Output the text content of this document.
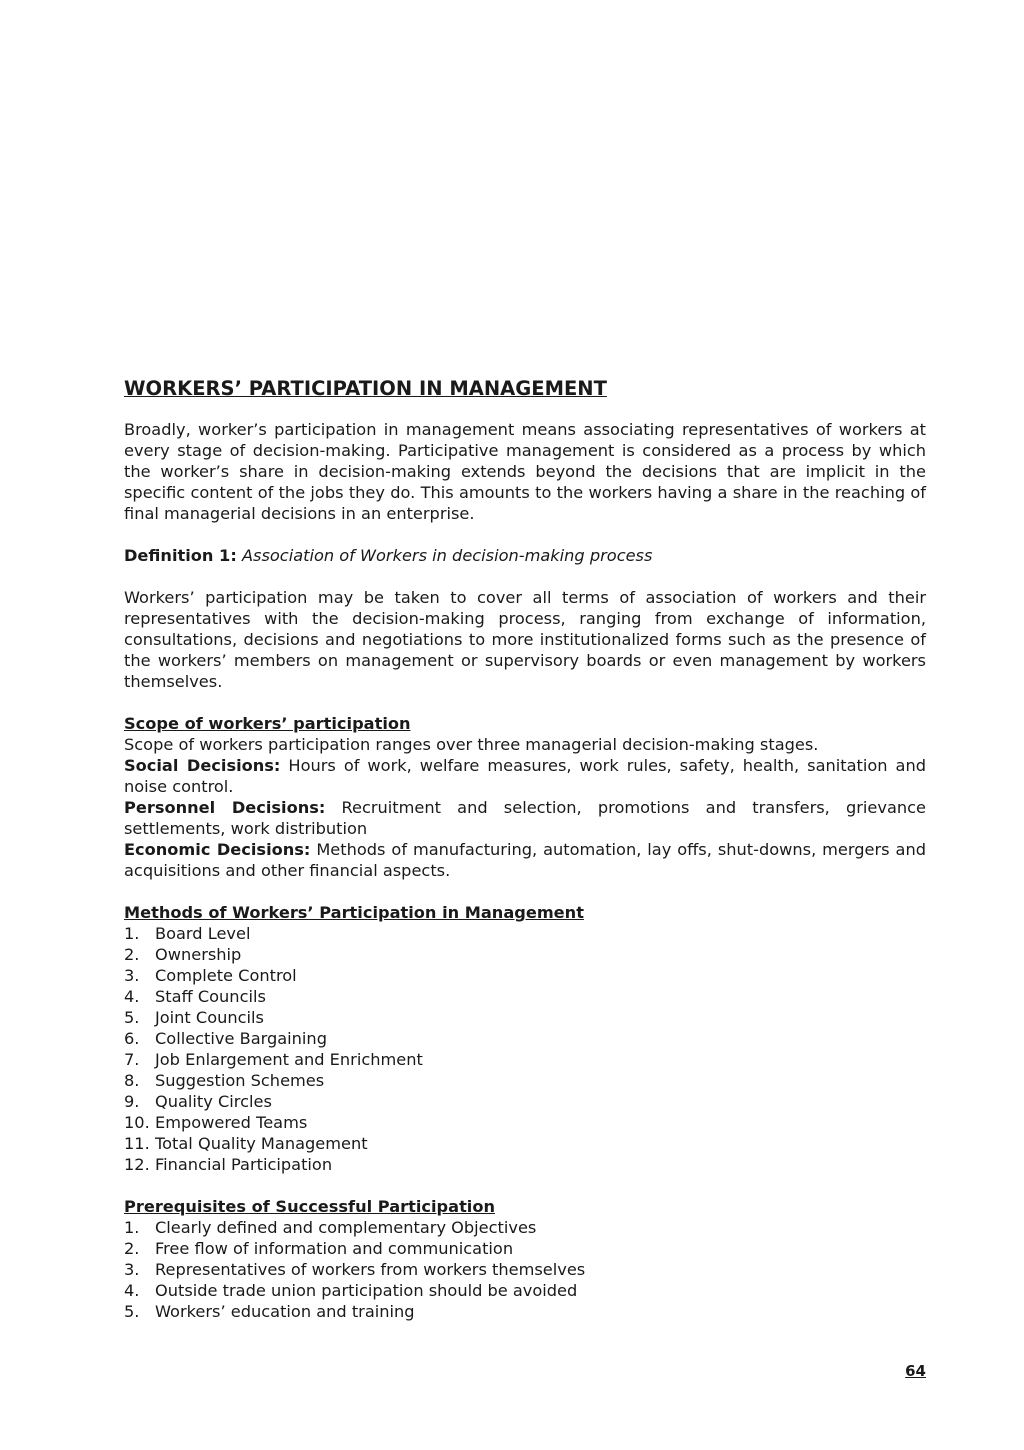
WORKERS’ PARTICIPATION IN MANAGEMENT

Broadly, worker’s participation in management means associating representatives of workers at every stage of decision-making. Participative management is considered as a process by which the worker’s share in decision-making extends beyond the decisions that are implicit in the specific content of the jobs they do. This amounts to the workers having a share in the reaching of final managerial decisions in an enterprise.

Definition 1: Association of Workers in decision-making process

Workers’ participation may be taken to cover all terms of association of workers and their representatives with the decision-making process, ranging from exchange of information, consultations, decisions and negotiations to more institutionalized forms such as the presence of the workers’ members on management or supervisory boards or even management by workers themselves.

Scope of workers’ participation

Scope of workers participation ranges over three managerial decision-making stages.

Social Decisions: Hours of work, welfare measures, work rules, safety, health, sanitation and noise control.

Personnel Decisions: Recruitment and selection, promotions and transfers, grievance settlements, work distribution

Economic Decisions: Methods of manufacturing, automation, lay offs, shut-downs, mergers and acquisitions and other financial aspects.

Methods of Workers’ Participation in Management

1. Board Level
2. Ownership
3. Complete Control
4. Staff Councils
5. Joint Councils
6. Collective Bargaining
7. Job Enlargement and Enrichment
8. Suggestion Schemes
9. Quality Circles
10. Empowered Teams
11. Total Quality Management
12. Financial Participation

Prerequisites of Successful Participation

1. Clearly defined and complementary Objectives
2. Free flow of information and communication
3. Representatives of workers from workers themselves
4. Outside trade union participation should be avoided
5. Workers’ education and training
64
